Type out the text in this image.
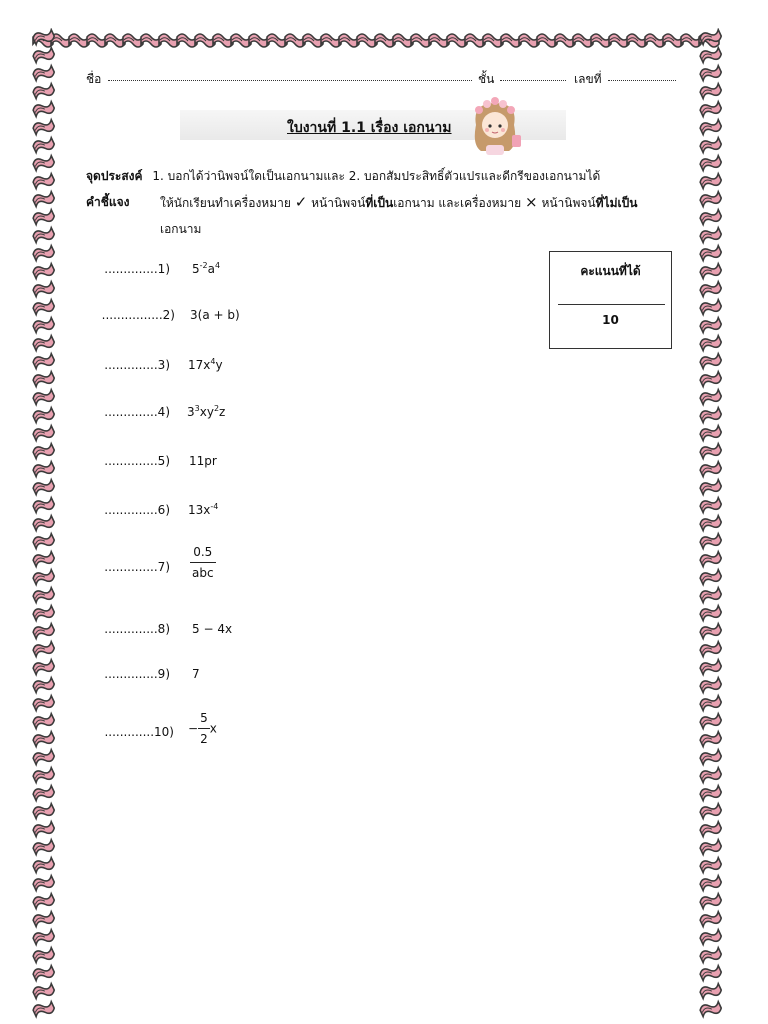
ชื่อ	ชั้น	เลขที่
ใบงานที่ 1.1 เรื่อง เอกนาม
จุดประสงค์ 1. บอกได้ว่านิพจน์ใดเป็นเอกนามและ 2. บอกสัมประสิทธิ์ตัวแปรและดีกรีของเอกนามได้
คำชี้แจง	ให้นักเรียนทำเครื่องหมาย ✓ หน้านิพจน์ที่เป็นเอกนาม และเครื่องหมาย × หน้านิพจน์ที่ไม่เป็น
เอกนาม
..............1) $5^{-2}a^4$
................2) 3(a + b)
..............3) $17x^4y$
..............4) $3^3xy^2z$
..............5) 11pr
..............6) $13x^{-4}$
$..............7) \frac{0.5}{\text{abc}}$
..............8) 5 − 4x
..............9) 7
$.............10) - \frac{5}{2}$ x
คะแนนที่ได้
10
